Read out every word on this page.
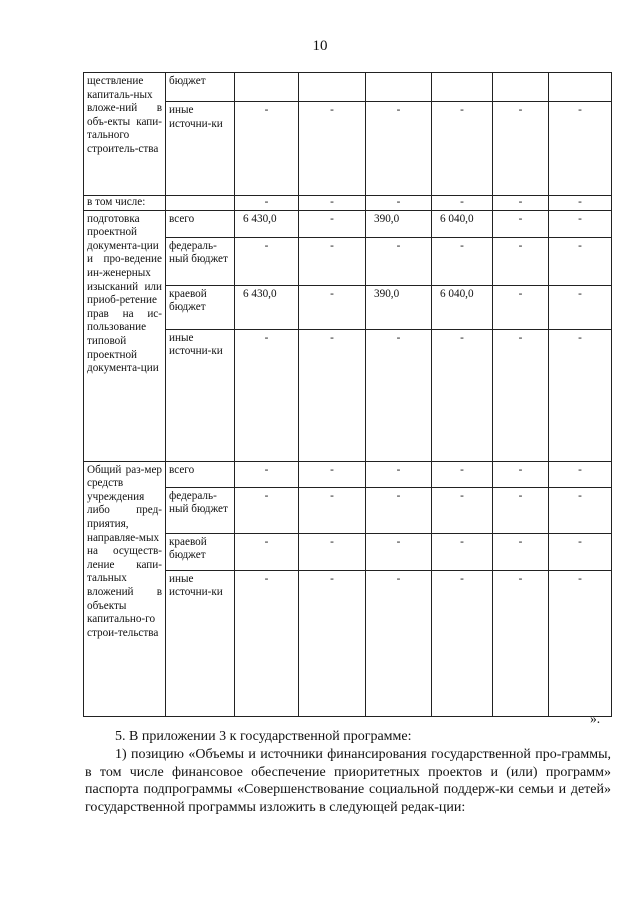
10
ществление капиталь-ных вложе-ний в объ-екты капи-тального строитель-ства	бюджет						
	иные источни-ки	-	-	-	-	-	-
в том числе:		-	-	-	-	-	-
подготовка проектной документа-ции и про-ведение ин-женерных изысканий или приоб-ретение прав на ис-пользование типовой проектной документа-ции	всего	6 430,0	-	390,0	6 040,0	-	-
	федераль-ный бюджет	-	-	-	-	-	-
	краевой бюджет	6 430,0	-	390,0	6 040,0	-	-
	иные источни-ки	-	-	-	-	-	-
Общий раз-мер средств учреждения либо пред-приятия, направляе-мых на осуществ-ление капи-тальных вложений в объекты капитально-го строи-тельства	всего	-	-	-	-	-	-
	федераль-ный бюджет	-	-	-	-	-	-
	краевой бюджет	-	-	-	-	-	-
	иные источни-ки	-	-	-	-	-	-
».

5. В приложении 3 к государственной программе:

1) позицию «Объемы и источники финансирования государственной про-граммы, в том числе финансовое обеспечение приоритетных проектов и (или) программ» паспорта подпрограммы «Совершенствование социальной поддерж-ки семьи и детей» государственной программы изложить в следующей редак-ции:
